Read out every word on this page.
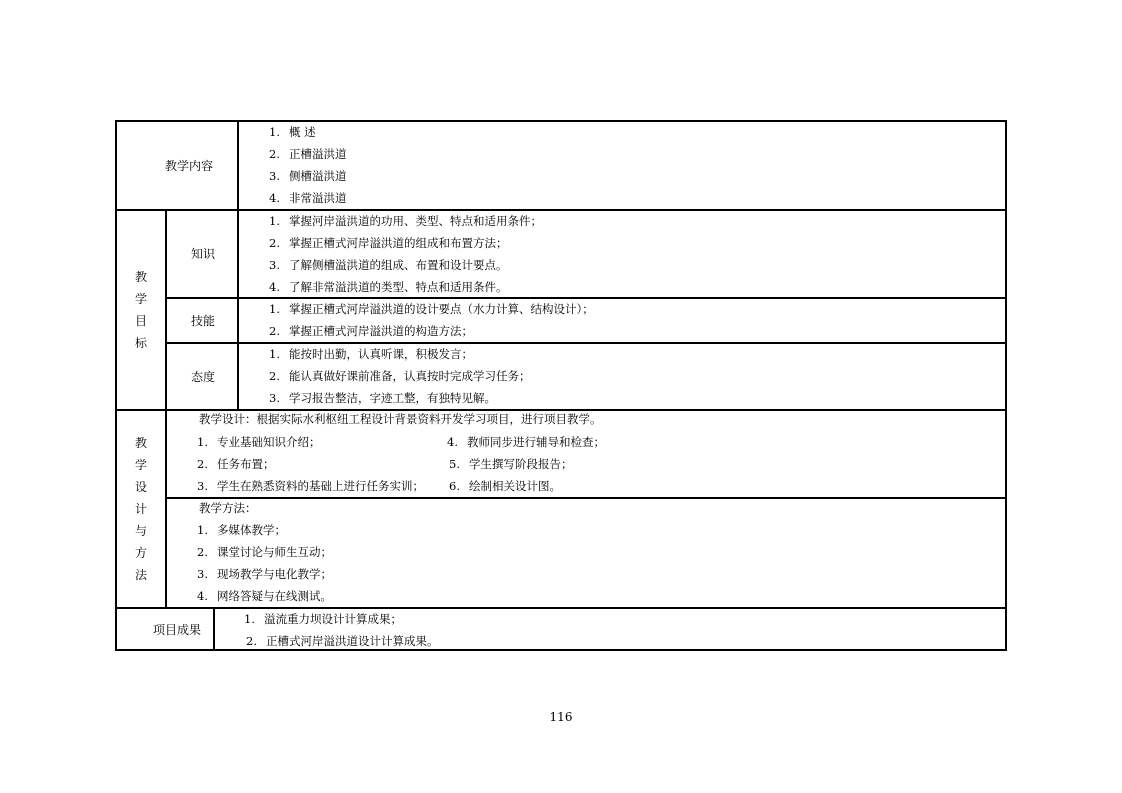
教学内容
1. 概 述
2. 正槽溢洪道
3. 侧槽溢洪道
4. 非常溢洪道
教
学
目
标
知识
1. 掌握河岸溢洪道的功用、类型、特点和适用条件；
2. 掌握正槽式河岸溢洪道的组成和布置方法；
3. 了解侧槽溢洪道的组成、布置和设计要点。
4. 了解非常溢洪道的类型、特点和适用条件。
技能
1. 掌握正槽式河岸溢洪道的设计要点（水力计算、结构设计）；
2. 掌握正槽式河岸溢洪道的构造方法；
态度
1. 能按时出勤，认真听课，积极发言；
2. 能认真做好课前准备，认真按时完成学习任务；
3. 学习报告整洁，字迹工整，有独特见解。
教
学
设
计
与
方
法
教学设计：根据实际水利枢纽工程设计背景资料开发学习项目，进行项目教学。
1. 专业基础知识介绍；
2. 任务布置；
3. 学生在熟悉资料的基础上进行任务实训；
4. 教师同步进行辅导和检查；
5. 学生撰写阶段报告；
6. 绘制相关设计图。
教学方法：
1. 多媒体教学；
2. 课堂讨论与师生互动；
3. 现场教学与电化教学；
4. 网络答疑与在线测试。
项目成果
1. 溢流重力坝设计计算成果；
2. 正槽式河岸溢洪道设计计算成果。
116
